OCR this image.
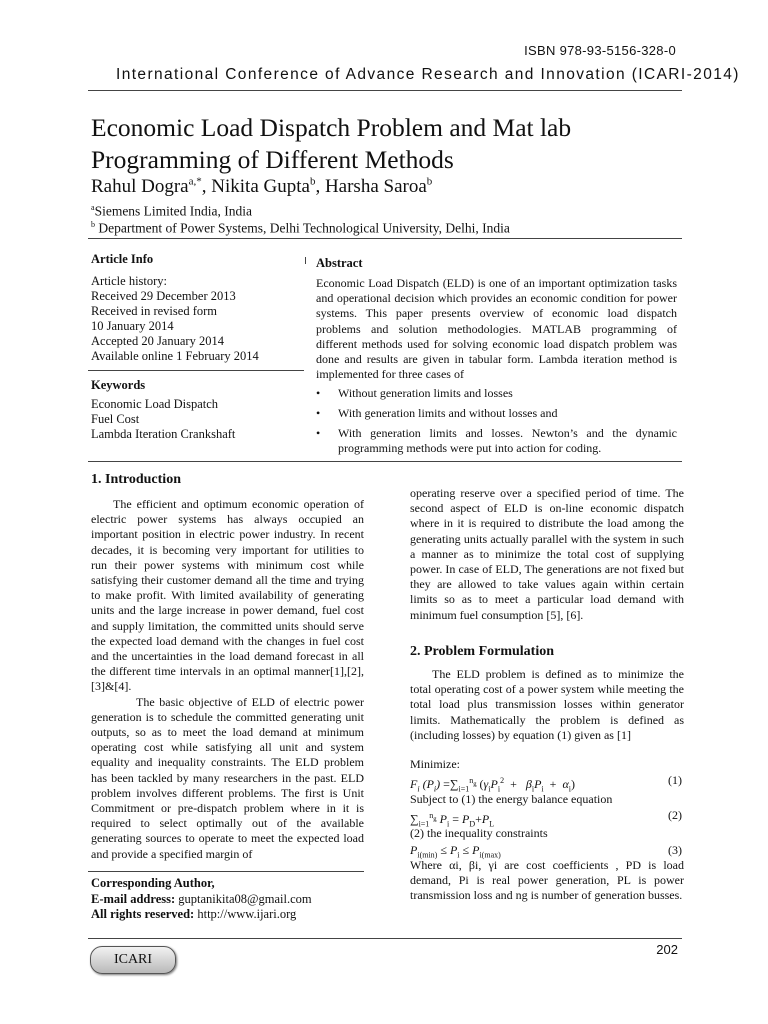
ISBN 978-93-5156-328-0
International Conference of Advance Research and Innovation (ICARI-2014)
Economic Load Dispatch Problem and Mat lab Programming of Different Methods
Rahul Dogra$^{a,*}$, Nikita Gupta$^b$, Harsha Saroa$^b$
$^a$Siemens Limited India, India
$^b$ Department of Power Systems, Delhi Technological University, Delhi, India
Article Info
Article history:
Received 29 December 2013
Received in revised form
10 January 2014
Accepted 20 January 2014
Available online 1 February 2014
Keywords
Economic Load Dispatch
Fuel Cost
Lambda Iteration Crankshaft
Abstract
Economic Load Dispatch (ELD) is one of an important optimization tasks and operational decision which provides an economic condition for power systems. This paper presents overview of economic load dispatch problems and solution methodologies. MATLAB programming of different methods used for solving economic load dispatch problem was done and results are given in tabular form. Lambda iteration method is implemented for three cases of
• Without generation limits and losses
• With generation limits and without losses and
• With generation limits and losses. Newton’s and the dynamic programming methods were put into action for coding.
1. Introduction

The efficient and optimum economic operation of electric power systems has always occupied an important position in electric power industry. In recent decades, it is becoming very important for utilities to run their power systems with minimum cost while satisfying their customer demand all the time and trying to make profit. With limited availability of generating units and the large increase in power demand, fuel cost and supply limitation, the committed units should serve the expected load demand with the changes in fuel cost and the uncertainties in the load demand forecast in all the different time intervals in an optimal manner[1],[2],[3]&[4].

The basic objective of ELD of electric power generation is to schedule the committed generating unit outputs, so as to meet the load demand at minimum operating cost while satisfying all unit and system equality and inequality constraints. The ELD problem has been tackled by many researchers in the past. ELD problem involves different problems. The first is Unit Commitment or pre-dispatch problem where in it is required to select optimally out of the available generating sources to operate to meet the expected load and provide a specified margin of

Corresponding Author,
E-mail address: guptanikita08@gmail.com
All rights reserved: http://www.ijari.org
operating reserve over a specified period of time. The second aspect of ELD is on-line economic dispatch where in it is required to distribute the load among the generating units actually parallel with the system in such a manner as to minimize the total cost of supplying power. In case of ELD, The generations are not fixed but they are allowed to take values again within certain limits so as to meet a particular load demand with minimum fuel consumption [5], [6].
2. Problem Formulation

The ELD problem is defined as to minimize the total operating cost of a power system while meeting the total load plus transmission losses within generator limits. Mathematically the problem is defined as (including losses) by equation (1) given as [1]

Minimize:
$F_i$ $(P_i) =\sum_{i=1}^{n_g}$ $(\gamma_iP_i^2 + \beta_iP_i + \alpha_i)$	(1)
Subject to (1) the energy balance equation
$\sum_{i=1}^{n_g}$ $P_i = P_D+P_L$
(2)
(2) the inequality constraints
$P_{i(min)} \le P_i \le P_{i(max)}$	(3)
Where αi, βi, γi are cost coefficients , PD is load demand, Pi is real power generation, PL is power transmission loss and ng is number of generation busses.
ICARI
202
